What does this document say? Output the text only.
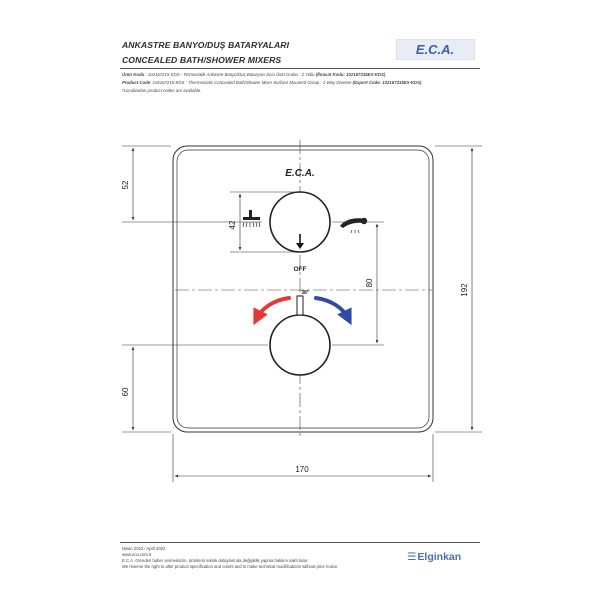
ANKASTRE BANYO/DUŞ BATARYALARI
CONCEALED BATH/SHOWER MIXERS
E.C.A.
Ürün Kodu : 102167215-KDS - Termostatik Ankastre Banyo/Duş Bataryası Sıva Üstü Grubu - 2 Yollu (İhracat Kodu: 102167315EX-KDS)
Product Code: 102167215-KDS - Thermostatic Concealed Bath/Shower Mixer Surface Mounted Group - 2 Way Diverter (Export Code: 102167315EX-KDS)
*Localization product codes are available.
E.C.A.
OFF
38°
52
42
80
60
192
170
Nisan 2022 / April 2022
www.eca.com.tr
E.C.A. önceden haber vermeksizin, ürünlerin teknik detaylarında değişiklik yapma hakkını saklı tutar.
We reserve the right to alter product specification and colors and to make technical modifications without prior notice.
☰Elginkan
